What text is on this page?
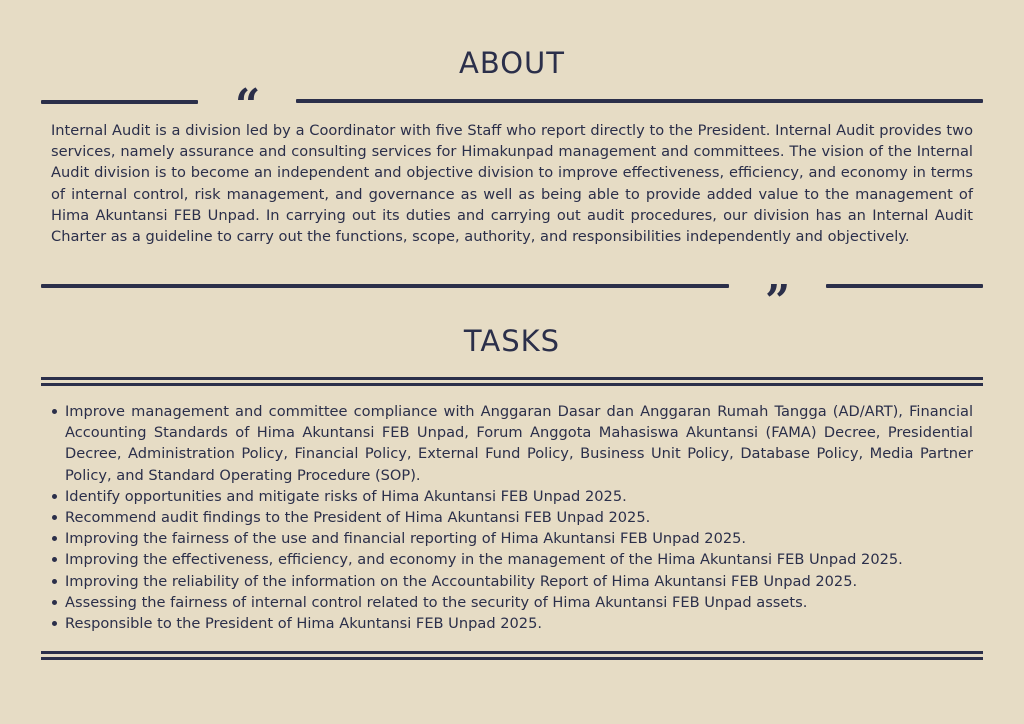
ABOUT
“

Internal Audit is a division led by a Coordinator with five Staff who report directly to the President. Internal Audit provides two services, namely assurance and consulting services for Himakunpad management and committees. The vision of the Internal Audit division is to become an independent and objective division to improve effectiveness, efficiency, and economy in terms of internal control, risk management, and governance as well as being able to provide added value to the management of Hima Akuntansi FEB Unpad. In carrying out its duties and carrying out audit procedures, our division has an Internal Audit Charter as a guideline to carry out the functions, scope, authority, and responsibilities independently and objectively.

”
TASKS
Improve management and committee compliance with Anggaran Dasar dan Anggaran Rumah Tangga (AD/ART), Financial Accounting Standards of Hima Akuntansi FEB Unpad, Forum Anggota Mahasiswa Akuntansi (FAMA) Decree, Presidential Decree, Administration Policy, Financial Policy, External Fund Policy, Business Unit Policy, Database Policy, Media Partner Policy, and Standard Operating Procedure (SOP).
Identify opportunities and mitigate risks of Hima Akuntansi FEB Unpad 2025.
Recommend audit findings to the President of Hima Akuntansi FEB Unpad 2025.
Improving the fairness of the use and financial reporting of Hima Akuntansi FEB Unpad 2025.
Improving the effectiveness, efficiency, and economy in the management of the Hima Akuntansi FEB Unpad 2025.
Improving the reliability of the information on the Accountability Report of Hima Akuntansi FEB Unpad 2025.
Assessing the fairness of internal control related to the security of Hima Akuntansi FEB Unpad assets.
Responsible to the President of Hima Akuntansi FEB Unpad 2025.
